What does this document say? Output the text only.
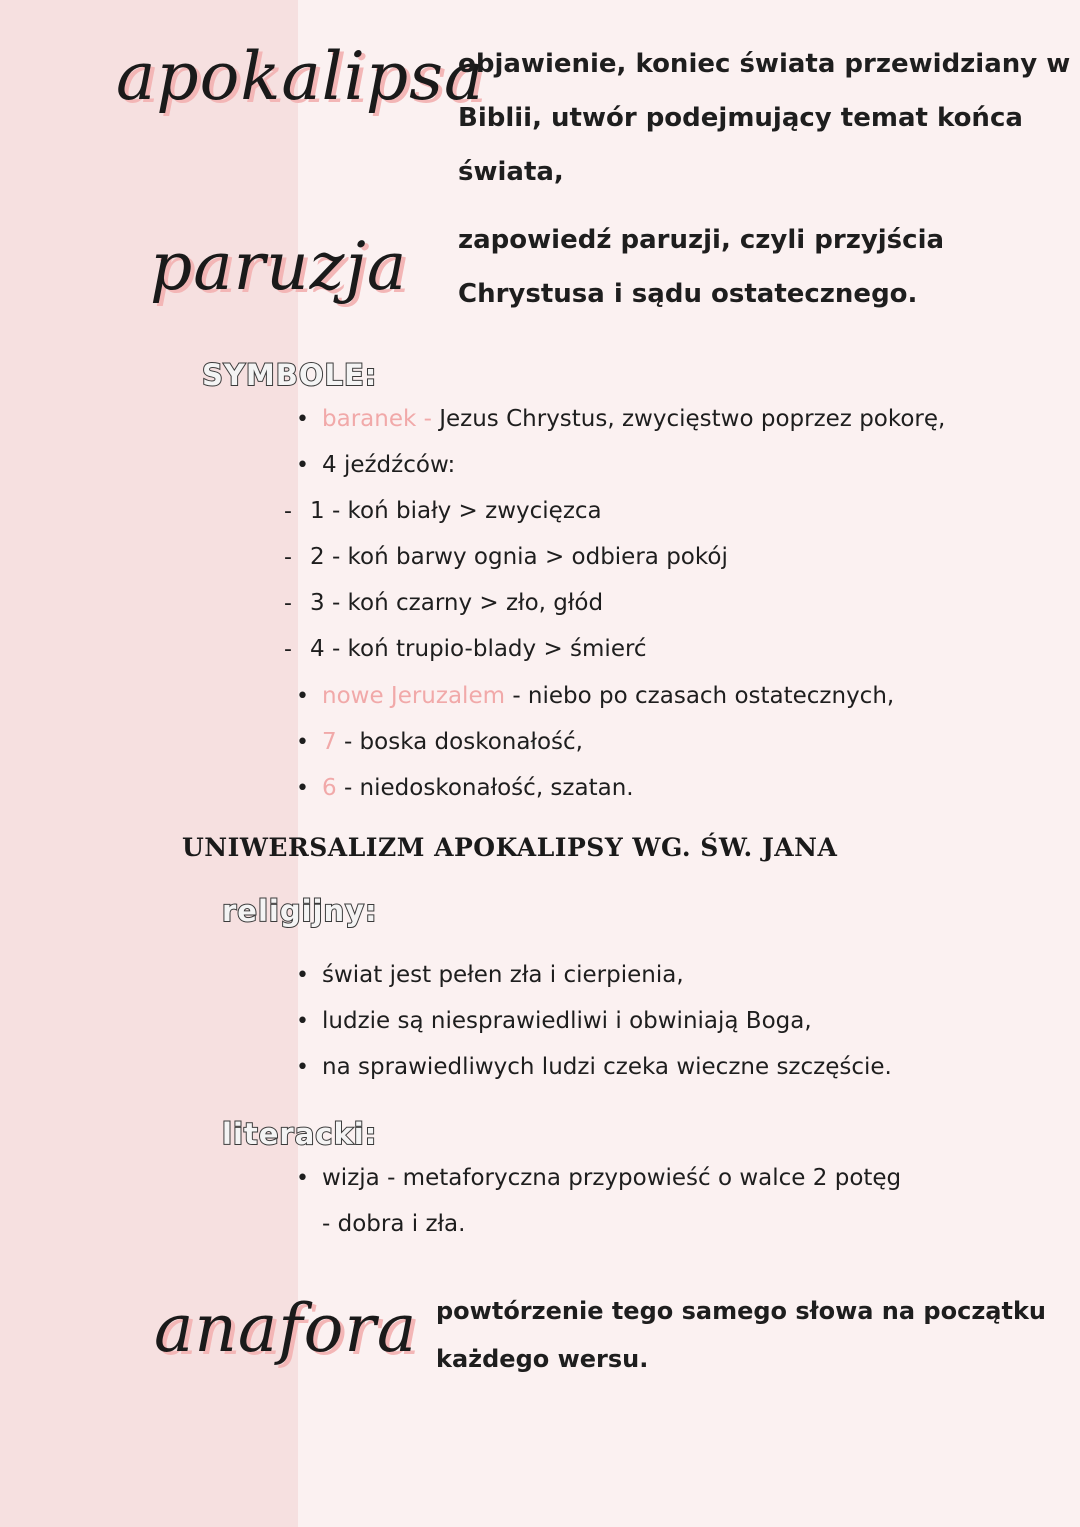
apokalipsa
objawienie, koniec świata przewidziany w
Biblii, utwór podejmujący temat końca
świata,
paruzja zapowiedź paruzji, czyli przyjścia
Chrystusa i sądu ostatecznego.
SYMBOLE:
• baranek - Jezus Chrystus, zwycięstwo poprzez pokorę,
• 4 jeźdźców:
- 1 - koń biały > zwycięzca
- 2 - koń barwy ognia > odbiera pokój
- 3 - koń czarny > zło, głód
- 4 - koń trupio-blady > śmierć
• nowe Jeruzalem - niebo po czasach ostatecznych,
• 7 - boska doskonałość,
• 6 - niedoskonałość, szatan.
UNIWERSALIZM APOKALIPSY WG. ŚW. JANA
religijny:
• świat jest pełen zła i cierpienia,
• ludzie są niesprawiedliwi i obwiniają Boga,
• na sprawiedliwych ludzi czeka wieczne szczęście.
literacki:
• wizja - metaforyczna przypowieść o walce 2 potęg
- dobra i zła.
anafora powtórzenie tego samego słowa na początku
każdego wersu.
